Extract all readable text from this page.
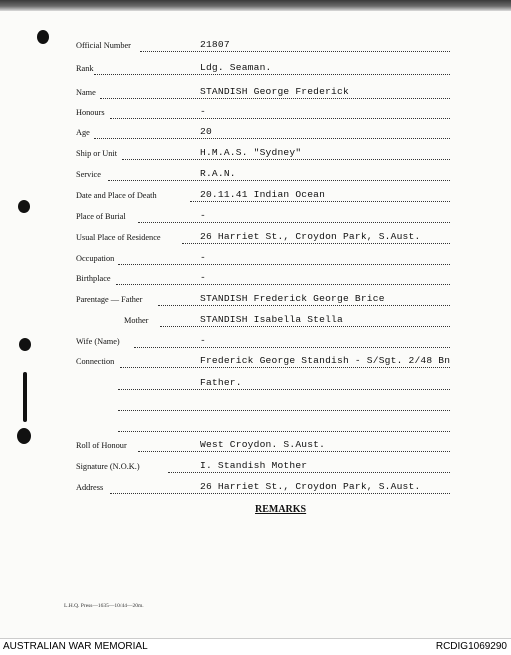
Official Number	21807
Rank	Ldg. Seaman.
Name	STANDISH George Frederick
Honours	-
Age	20
Ship or Unit	H.M.A.S. "Sydney"
Service	R.A.N.
Date and Place of Death	20.11.41 Indian Ocean
Place of Burial	-
Usual Place of Residence	26 Harriet St., Croydon Park, S.Aust.
Occupation	-
Birthplace	-
Parentage — Father	STANDISH Frederick George Brice
Mother	STANDISH Isabella Stella
Wife (Name)	-
Connection	Frederick George Standish - S/Sgt. 2/48 Bn
Father.
Roll of Honour	West Croydon. S.Aust.
Signature (N.O.K.)	I. Standish Mother
Address	26 Harriet St., Croydon Park, S.Aust.
REMARKS
L.H.Q. Press—1635—10/44—20m.
AUSTRALIAN WAR MEMORIAL	RCDIG1069290
